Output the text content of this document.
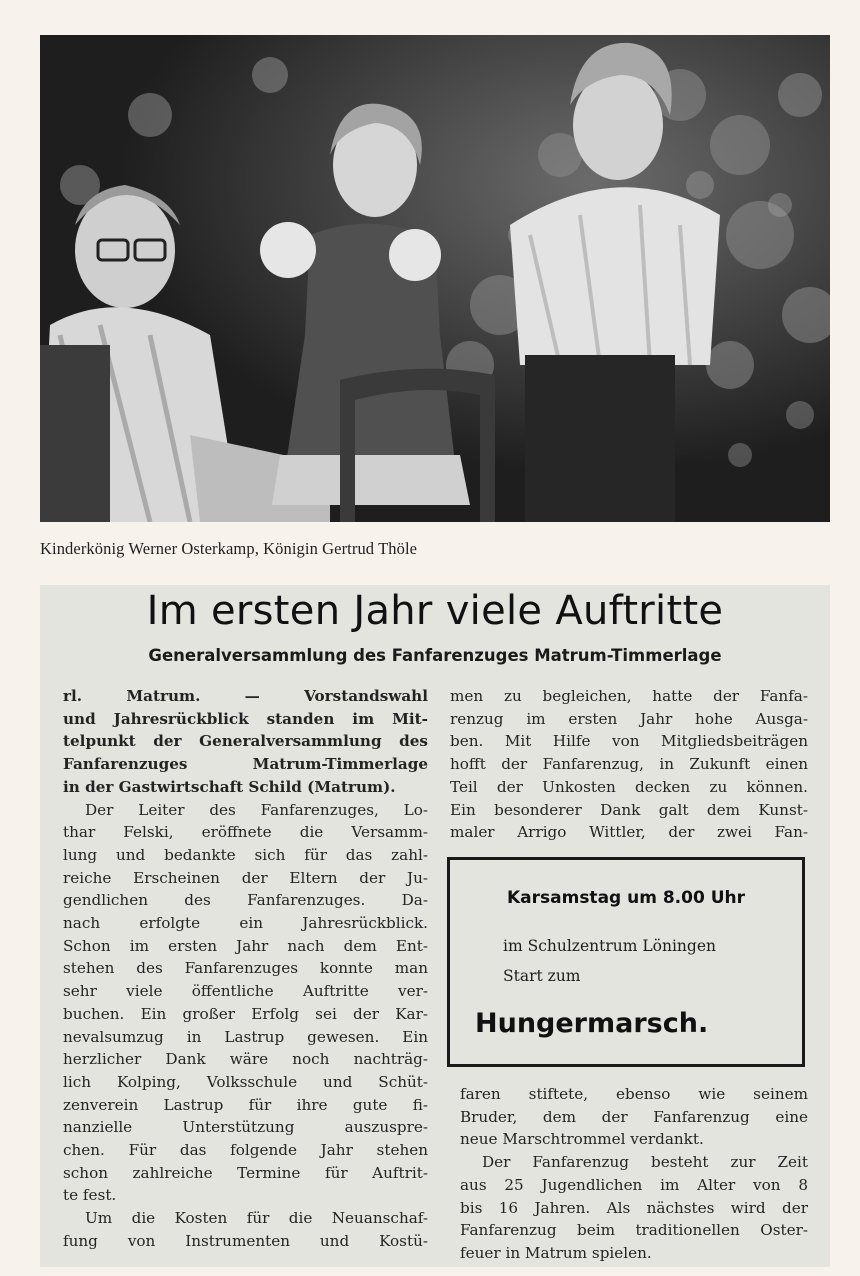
Kinderkönig Werner Osterkamp, Königin Gertrud Thöle
Im ersten Jahr viele Auftritte
Generalversammlung des Fanfarenzuges Matrum-Timmerlage
rl. Matrum. — Vorstandswahl
und Jahresrückblick standen im Mit-
telpunkt der Generalversammlung des
Fanfarenzuges Matrum-Timmerlage
in der Gastwirtschaft Schild (Matrum).
Der Leiter des Fanfarenzuges, Lo-
thar Felski, eröffnete die Versamm-
lung und bedankte sich für das zahl-
reiche Erscheinen der Eltern der Ju-
gendlichen des Fanfarenzuges. Da-
nach erfolgte ein Jahresrückblick.
Schon im ersten Jahr nach dem Ent-
stehen des Fanfarenzuges konnte man
sehr viele öffentliche Auftritte ver-
buchen. Ein großer Erfolg sei der Kar-
nevalsumzug in Lastrup gewesen. Ein
herzlicher Dank wäre noch nachträg-
lich Kolping, Volksschule und Schüt-
zenverein Lastrup für ihre gute fi-
nanzielle Unterstützung auszuspre-
chen. Für das folgende Jahr stehen
schon zahlreiche Termine für Auftrit-
te fest.
Um die Kosten für die Neuanschaf-
fung von Instrumenten und Kostü-
men zu begleichen, hatte der Fanfa-
renzug im ersten Jahr hohe Ausga-
ben. Mit Hilfe von Mitgliedsbeiträgen
hofft der Fanfarenzug, in Zukunft einen
Teil der Unkosten decken zu können.
Ein besonderer Dank galt dem Kunst-
maler Arrigo Wittler, der zwei Fan-
Karsamstag um 8.00 Uhr
im Schulzentrum Löningen
Start zum
Hungermarsch.
faren stiftete, ebenso wie seinem
Bruder, dem der Fanfarenzug eine
neue Marschtrommel verdankt.
Der Fanfarenzug besteht zur Zeit
aus 25 Jugendlichen im Alter von 8
bis 16 Jahren. Als nächstes wird der
Fanfarenzug beim traditionellen Oster-
feuer in Matrum spielen.
